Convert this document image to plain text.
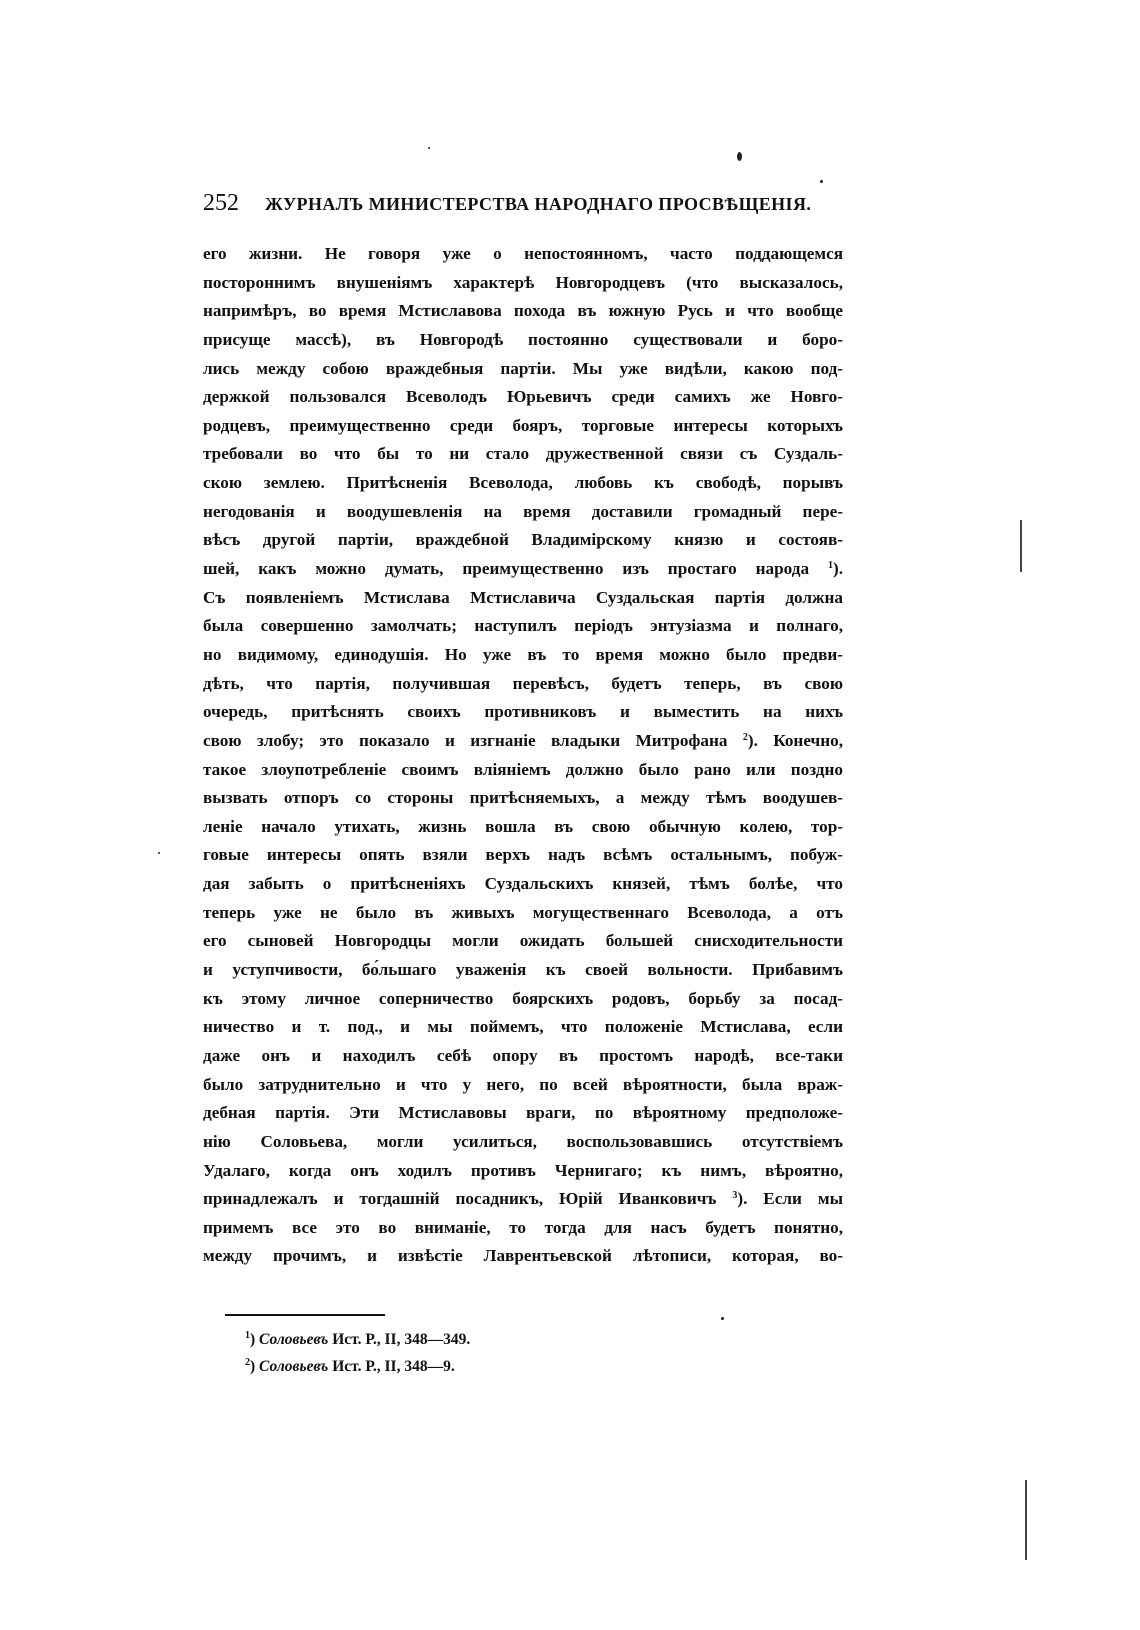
252 ЖУРНАЛЪ МИНИСТЕРСТВА НАРОДНАГО ПРОСВѢЩЕНІЯ.
его жизни. Не говоря уже о непостоянномъ, часто поддающемся
постороннимъ внушеніямъ характерѣ Новгородцевъ (что высказалось,
напримѣръ, во время Мстиславова похода въ южную Русь и что вообще
присуще массѣ), въ Новгородѣ постоянно существовали и боро-
лись между собою враждебныя партіи. Мы уже видѣли, какою под-
держкой пользовался Всеволодъ Юрьевичъ среди самихъ же Новго-
родцевъ, преимущественно среди бояръ, торговые интересы которыхъ
требовали во что бы то ни стало дружественной связи съ Суздаль-
скою землею. Притѣсненія Всеволода, любовь къ свободѣ, порывъ
негодованія и воодушевленія на время доставили громадный пере-
вѣсъ другой партіи, враждебной Владимірскому князю и состояв-
шей, какъ можно думать, преимущественно изъ простаго народа $^1$).
Съ появленіемъ Мстислава Мстиславича Суздальская партія должна
была совершенно замолчать; наступилъ періодъ энтузіазма и полнаго,
но видимому, единодушія. Но уже въ то время можно было предви-
дѣть, что партія, получившая перевѣсъ, будетъ теперь, въ свою
очередь, притѣснять своихъ противниковъ и выместить на нихъ
свою злобу; это показало и изгнаніе владыки Митрофана $^2$). Конечно,
такое злоупотребленіе своимъ вліяніемъ должно было рано или поздно
вызвать отпоръ со стороны притѣсняемыхъ, а между тѣмъ воодушев-
леніе начало утихать, жизнь вошла въ свою обычную колею, тор-
говые интересы опять взяли верхъ надъ всѣмъ остальнымъ, побуж-
дая забыть о притѣсненіяхъ Суздальскихъ князей, тѣмъ болѣе, что
теперь уже не было въ живыхъ могущественнаго Всеволода, а отъ
его сыновей Новгородцы могли ожидать большей снисходительности
и уступчивости, бо́льшаго уваженія къ своей вольности. Прибавимъ
къ этому личное соперничество боярскихъ родовъ, борьбу за посад-
ничество и т. под., и мы поймемъ, что положеніе Мстислава, если
даже онъ и находилъ себѣ опору въ простомъ народѣ, все-таки
было затруднительно и что у него, по всей вѣроятности, была враж-
дебная партія. Эти Мстиславовы враги, по вѣроятному предположе-
нію Соловьева, могли усилиться, воспользовавшись отсутствіемъ
Удалаго, когда онъ ходилъ противъ Чернигаго; къ нимъ, вѣроятно,
принадлежалъ и тогдашній посадникъ, Юрій Иванковичъ $^3$). Если мы
примемъ все это во вниманіе, то тогда для насъ будетъ понятно,
между прочимъ, и извѣстіе Лаврентьевской лѣтописи, которая, во-
$^1$) Соловьевъ Ист. Р., II, 348—349.
$^2$) Соловьевъ Ист. Р., II, 348—9.
